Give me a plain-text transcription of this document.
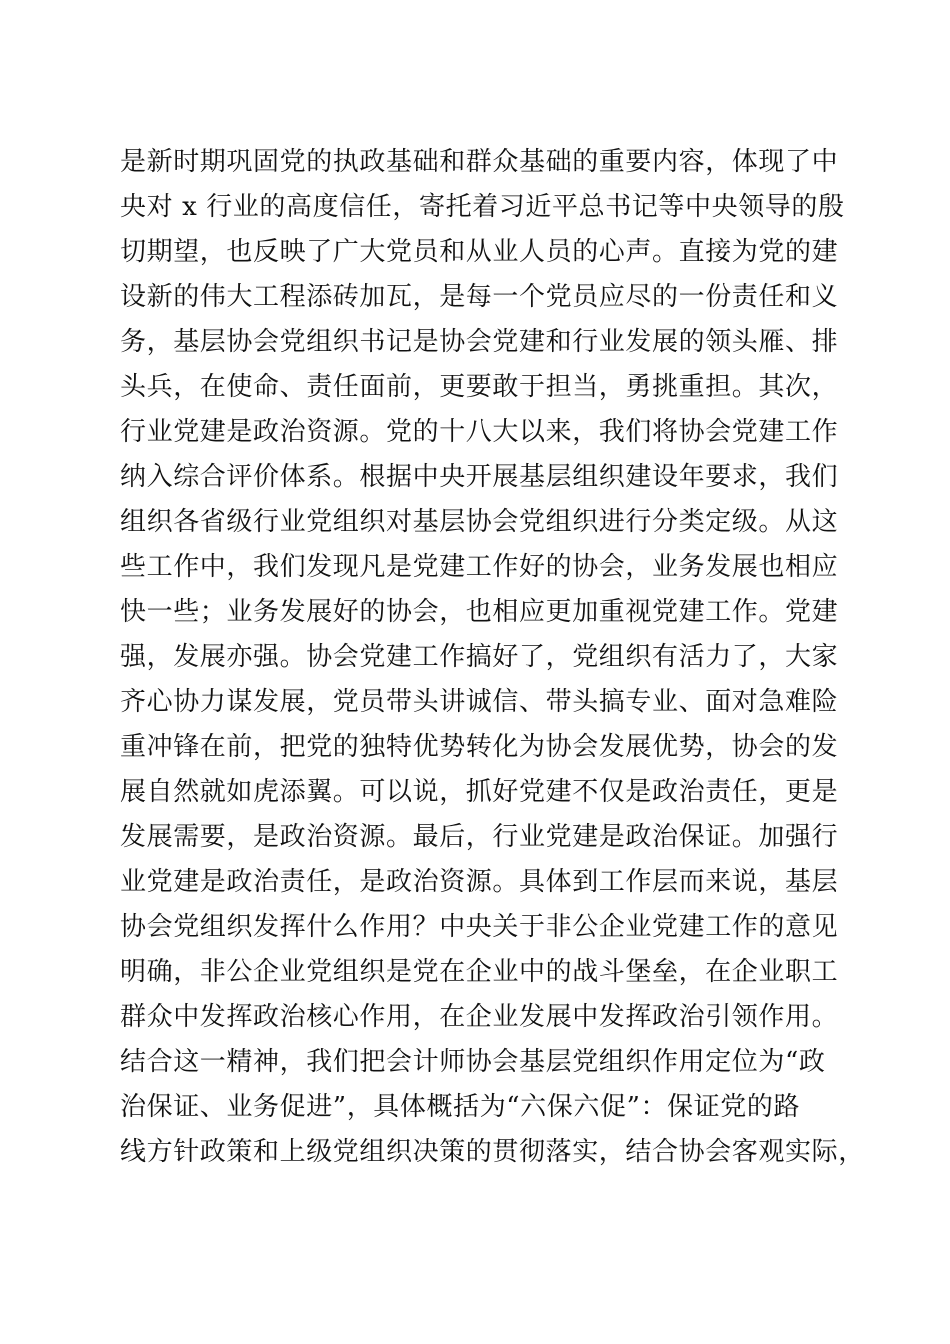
是新时期巩固党的执政基础和群众基础的重要内容，体现了中
央对 x 行业的高度信任，寄托着习近平总书记等中央领导的殷
切期望，也反映了广大党员和从业人员的心声。直接为党的建
设新的伟大工程添砖加瓦，是每一个党员应尽的一份责任和义
务，基层协会党组织书记是协会党建和行业发展的领头雁、排
头兵，在使命、责任面前，更要敢于担当，勇挑重担。其次，
行业党建是政治资源。党的十八大以来，我们将协会党建工作
纳入综合评价体系。根据中央开展基层组织建设年要求，我们
组织各省级行业党组织对基层协会党组织进行分类定级。从这
些工作中，我们发现凡是党建工作好的协会，业务发展也相应
快一些；业务发展好的协会，也相应更加重视党建工作。党建
强，发展亦强。协会党建工作搞好了，党组织有活力了，大家
齐心协力谋发展，党员带头讲诚信、带头搞专业、面对急难险
重冲锋在前，把党的独特优势转化为协会发展优势，协会的发
展自然就如虎添翼。可以说，抓好党建不仅是政治责任，更是
发展需要，是政治资源。最后，行业党建是政治保证。加强行
业党建是政治责任，是政治资源。具体到工作层而来说，基层
协会党组织发挥什么作用？中央关于非公企业党建工作的意见
明确，非公企业党组织是党在企业中的战斗堡垒，在企业职工
群众中发挥政治核心作用，在企业发展中发挥政治引领作用。
结合这一精神，我们把会计师协会基层党组织作用定位为“政
治保证、业务促进”，具体概括为“六保六促”：保证党的路
线方针政策和上级党组织决策的贯彻落实，结合协会客观实际，
